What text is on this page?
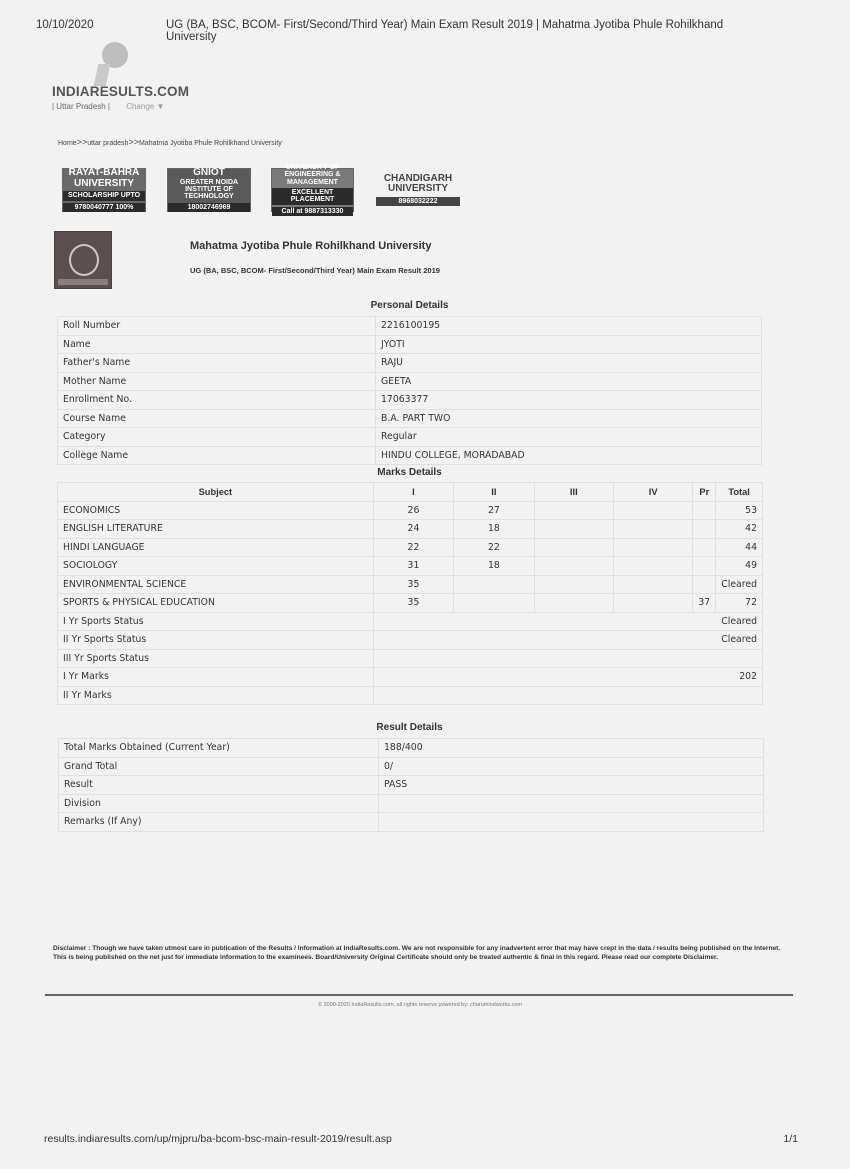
10/10/2020	UG (BA, BSC, BCOM- First/Second/Third Year) Main Exam Result 2019 | Mahatma Jyotiba Phule Rohilkhand University
INDIARESULTS.COM
| Uttar Pradesh | Change ▼
Home>>uttar pradesh>>Mahatma Jyotiba Phule Rohilkhand University
RAYAT-BAHRA
UNIVERSITY
SCHOLARSHIP UPTO
9780040777 100%
GNIOT
GREATER NOIDA
INSTITUTE OF TECHNOLOGY
18002746969
UNIVERSITY OF
ENGINEERING & MANAGEMENT
EXCELLENT PLACEMENT
Call at 9887313330
CHANDIGARH
UNIVERSITY
8968032222
Mahatma Jyotiba Phule Rohilkhand University
UG (BA, BSC, BCOM- First/Second/Third Year) Main Exam Result 2019
Personal Details
Roll Number	2216100195
Name	JYOTI
Father's Name	RAJU
Mother Name	GEETA
Enrollment No.	17063377
Course Name	B.A. PART TWO
Category	Regular
College Name	HINDU COLLEGE, MORADABAD
Marks Details
Subject	I	II	III	IV	Pr	Total
ECONOMICS	26	27				53
ENGLISH LITERATURE	24	18				42
HINDI LANGUAGE	22	22				44
SOCIOLOGY	31	18				49
ENVIRONMENTAL SCIENCE	35					Cleared
SPORTS & PHYSICAL EDUCATION	35				37	72
I Yr Sports Status	Cleared					
II Yr Sports Status	Cleared					
III Yr Sports Status						
I Yr Marks	202					
II Yr Marks						
Result Details
Total Marks Obtained (Current Year)	188/400
Grand Total	0/
Result	PASS
Division	
Remarks (If Any)	
Disclaimer : Though we have taken utmost care in publication of the Results / Information at IndiaResults.com. We are not responsible for any inadvertent error that may have crept in the data / results being published on the Internet. This is being published on the net just for immediate information to the examinees. Board/University Original Certificate should only be treated authentic & final in this regard. Please read our complete Disclaimer.
© 2000-2020 IndiaResults.com, all rights reserve powered by: charumindworks.com
results.indiaresults.com/up/mjpru/ba-bcom-bsc-main-result-2019/result.asp	1/1
